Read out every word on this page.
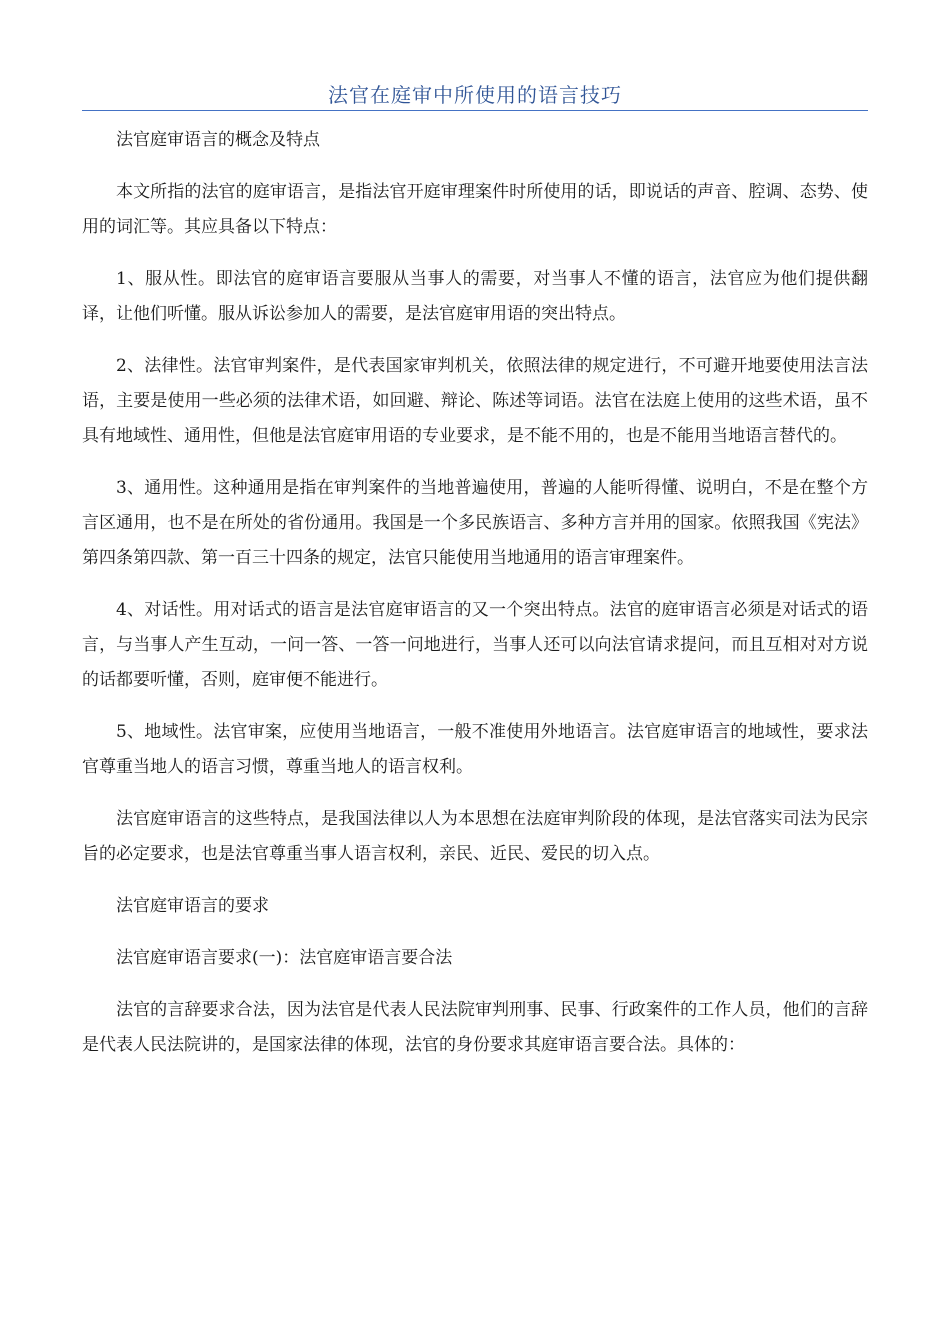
法官在庭审中所使用的语言技巧

法官庭审语言的概念及特点

本文所指的法官的庭审语言，是指法官开庭审理案件时所使用的话，即说话的声音、腔调、态势、使用的词汇等。其应具备以下特点：

1、服从性。即法官的庭审语言要服从当事人的需要，对当事人不懂的语言，法官应为他们提供翻译，让他们听懂。服从诉讼参加人的需要，是法官庭审用语的突出特点。

2、法律性。法官审判案件，是代表国家审判机关，依照法律的规定进行，不可避开地要使用法言法语，主要是使用一些必须的法律术语，如回避、辩论、陈述等词语。法官在法庭上使用的这些术语，虽不具有地域性、通用性，但他是法官庭审用语的专业要求，是不能不用的，也是不能用当地语言替代的。

3、通用性。这种通用是指在审判案件的当地普遍使用，普遍的人能听得懂、说明白，不是在整个方言区通用，也不是在所处的省份通用。我国是一个多民族语言、多种方言并用的国家。依照我国《宪法》第四条第四款、第一百三十四条的规定，法官只能使用当地通用的语言审理案件。

4、对话性。用对话式的语言是法官庭审语言的又一个突出特点。法官的庭审语言必须是对话式的语言，与当事人产生互动，一问一答、一答一问地进行，当事人还可以向法官请求提问，而且互相对对方说的话都要听懂，否则，庭审便不能进行。

5、地域性。法官审案，应使用当地语言，一般不准使用外地语言。法官庭审语言的地域性，要求法官尊重当地人的语言习惯，尊重当地人的语言权利。

法官庭审语言的这些特点，是我国法律以人为本思想在法庭审判阶段的体现，是法官落实司法为民宗旨的必定要求，也是法官尊重当事人语言权利，亲民、近民、爱民的切入点。

法官庭审语言的要求

法官庭审语言要求(一)：法官庭审语言要合法

法官的言辞要求合法，因为法官是代表人民法院审判刑事、民事、行政案件的工作人员，他们的言辞是代表人民法院讲的，是国家法律的体现，法官的身份要求其庭审语言要合法。具体的：
